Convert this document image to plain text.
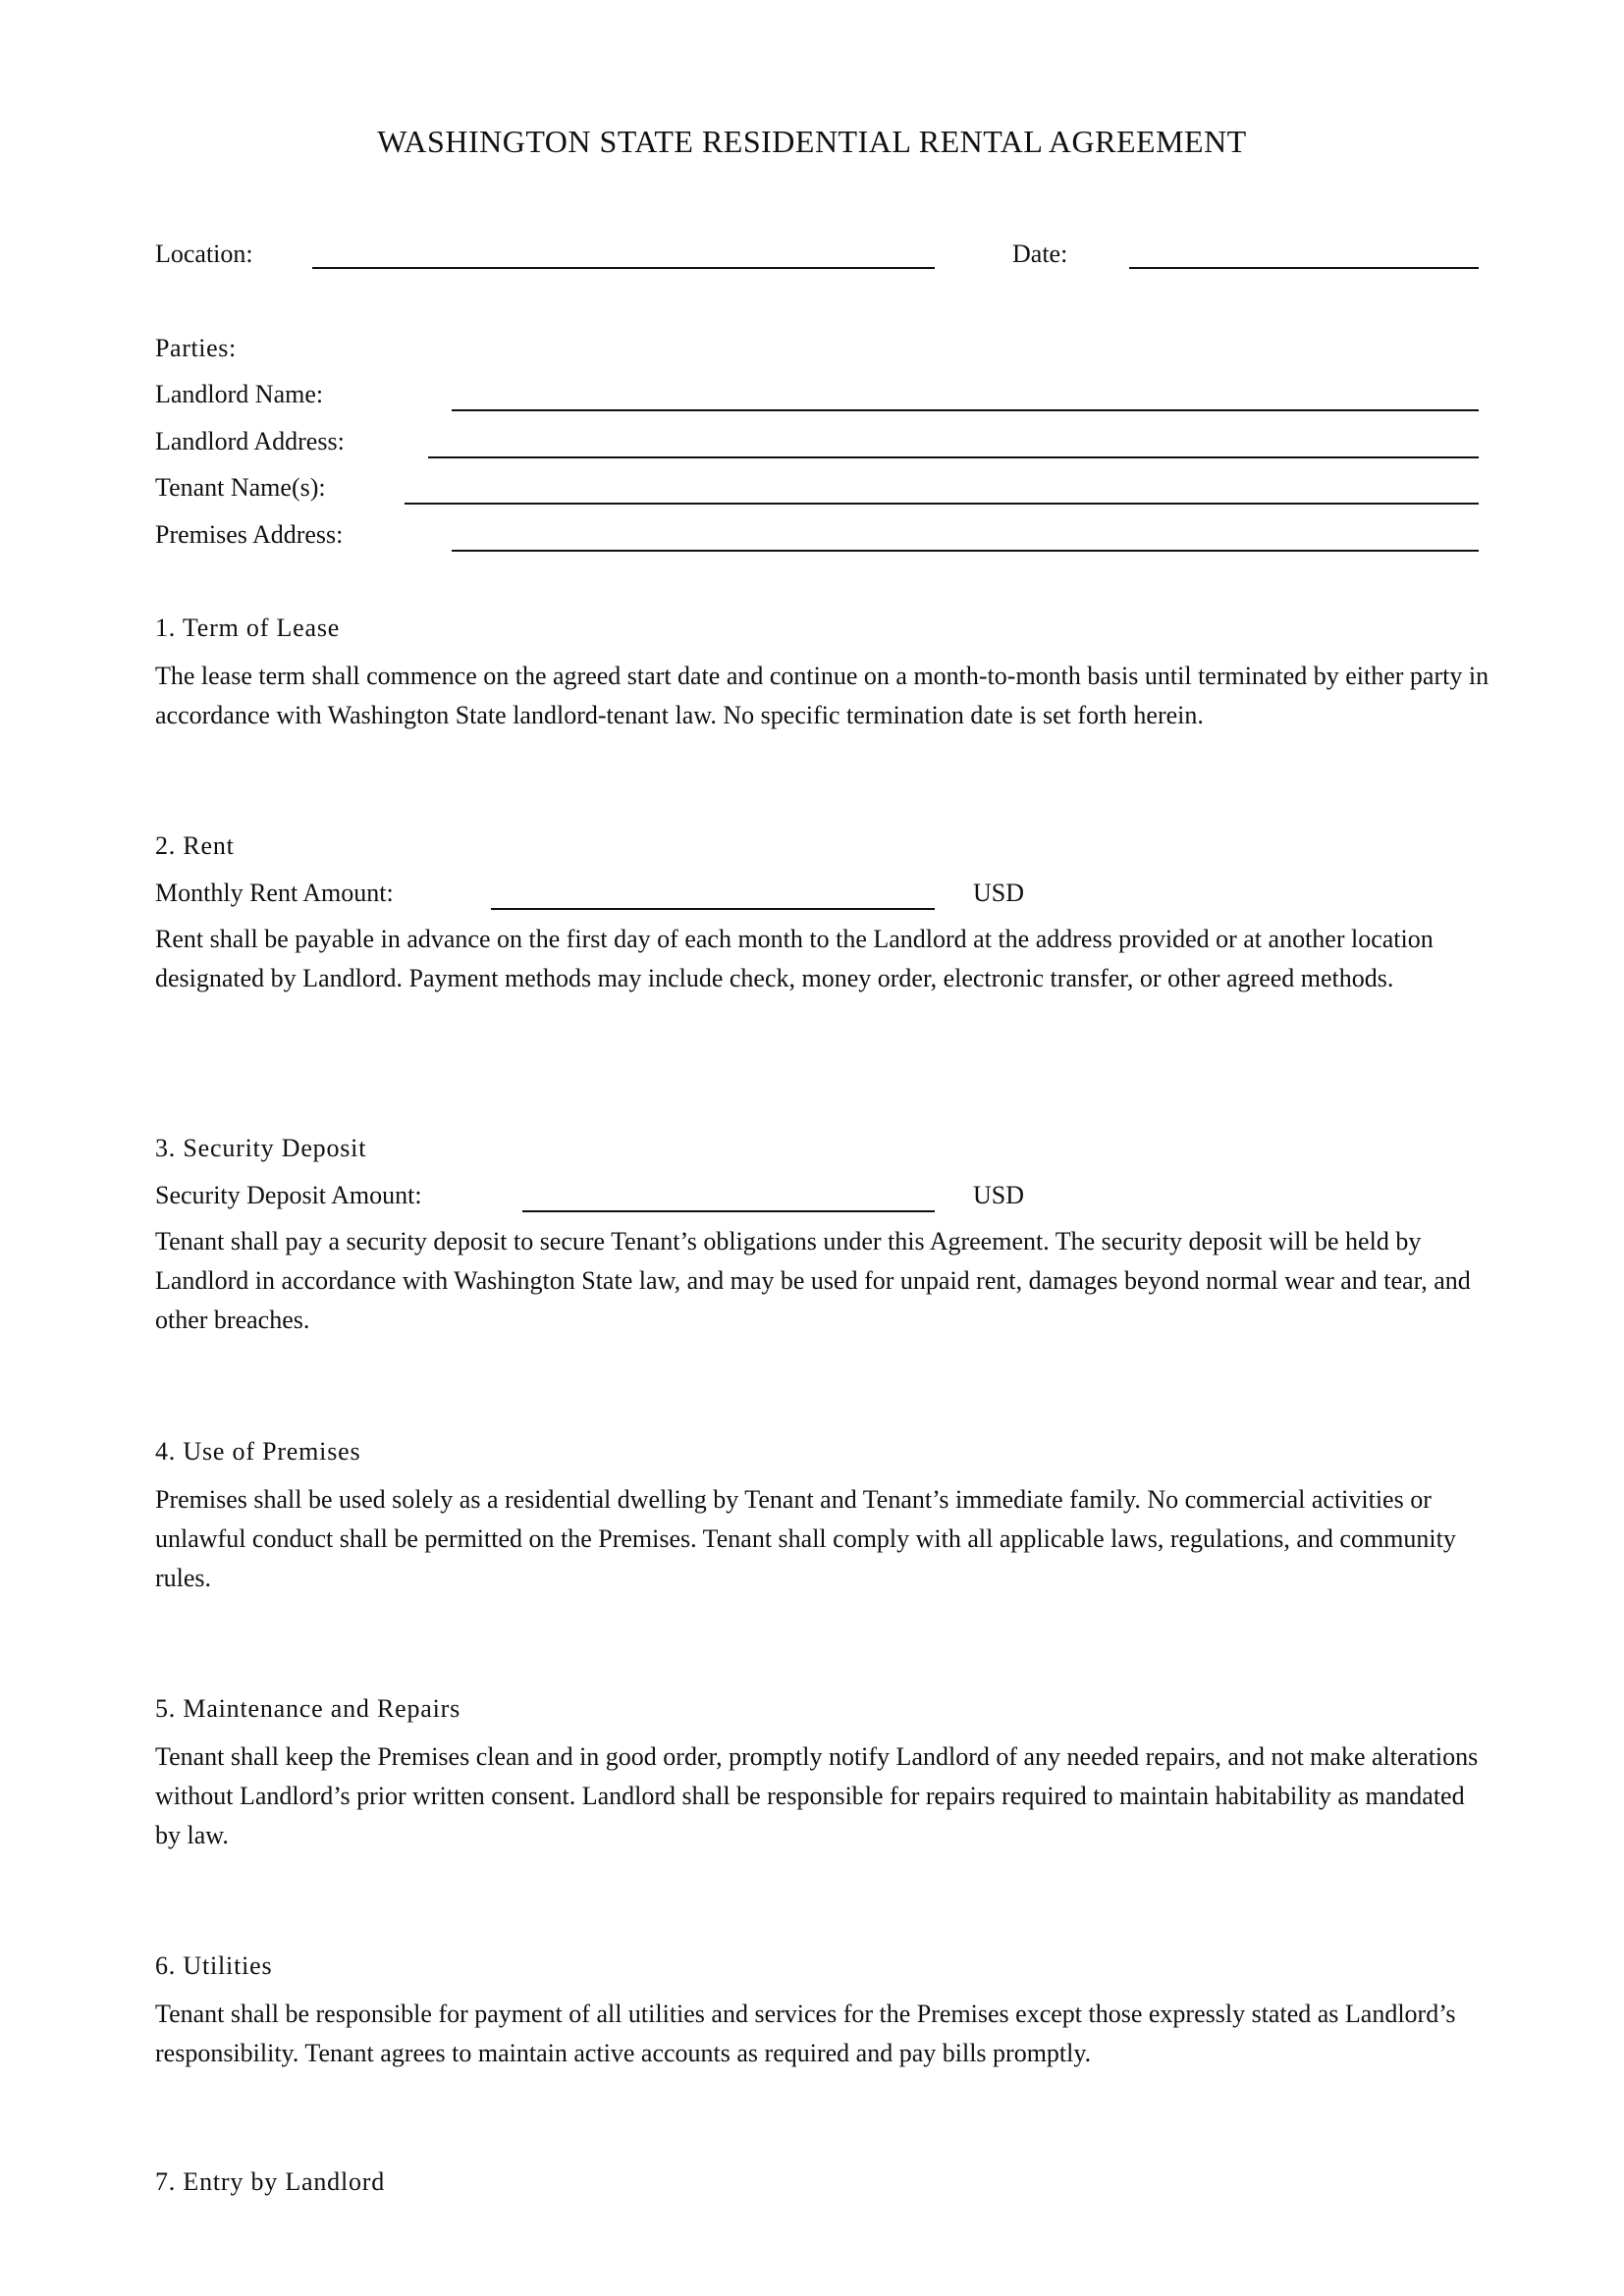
WASHINGTON STATE RESIDENTIAL RENTAL AGREEMENT
Location:	Date:
Parties:
Landlord Name:
Landlord Address:
Tenant Name(s):
Premises Address:
1. Term of Lease

The lease term shall commence on the agreed start date and continue on a month-to-month basis until terminated by either party in accordance with Washington State landlord-tenant law. No specific termination date is set forth herein.

2. Rent
Monthly Rent Amount:	USD

Rent shall be payable in advance on the first day of each month to the Landlord at the address provided or at another location designated by Landlord. Payment methods may include check, money order, electronic transfer, or other agreed methods.

3. Security Deposit
Security Deposit Amount:	USD

Tenant shall pay a security deposit to secure Tenant’s obligations under this Agreement. The security deposit will be held by Landlord in accordance with Washington State law, and may be used for unpaid rent, damages beyond normal wear and tear, and other breaches.

4. Use of Premises

Premises shall be used solely as a residential dwelling by Tenant and Tenant’s immediate family. No commercial activities or unlawful conduct shall be permitted on the Premises. Tenant shall comply with all applicable laws, regulations, and community rules.

5. Maintenance and Repairs

Tenant shall keep the Premises clean and in good order, promptly notify Landlord of any needed repairs, and not make alterations without Landlord’s prior written consent. Landlord shall be responsible for repairs required to maintain habitability as mandated by law.

6. Utilities

Tenant shall be responsible for payment of all utilities and services for the Premises except those expressly stated as Landlord’s responsibility. Tenant agrees to maintain active accounts as required and pay bills promptly.

7. Entry by Landlord
